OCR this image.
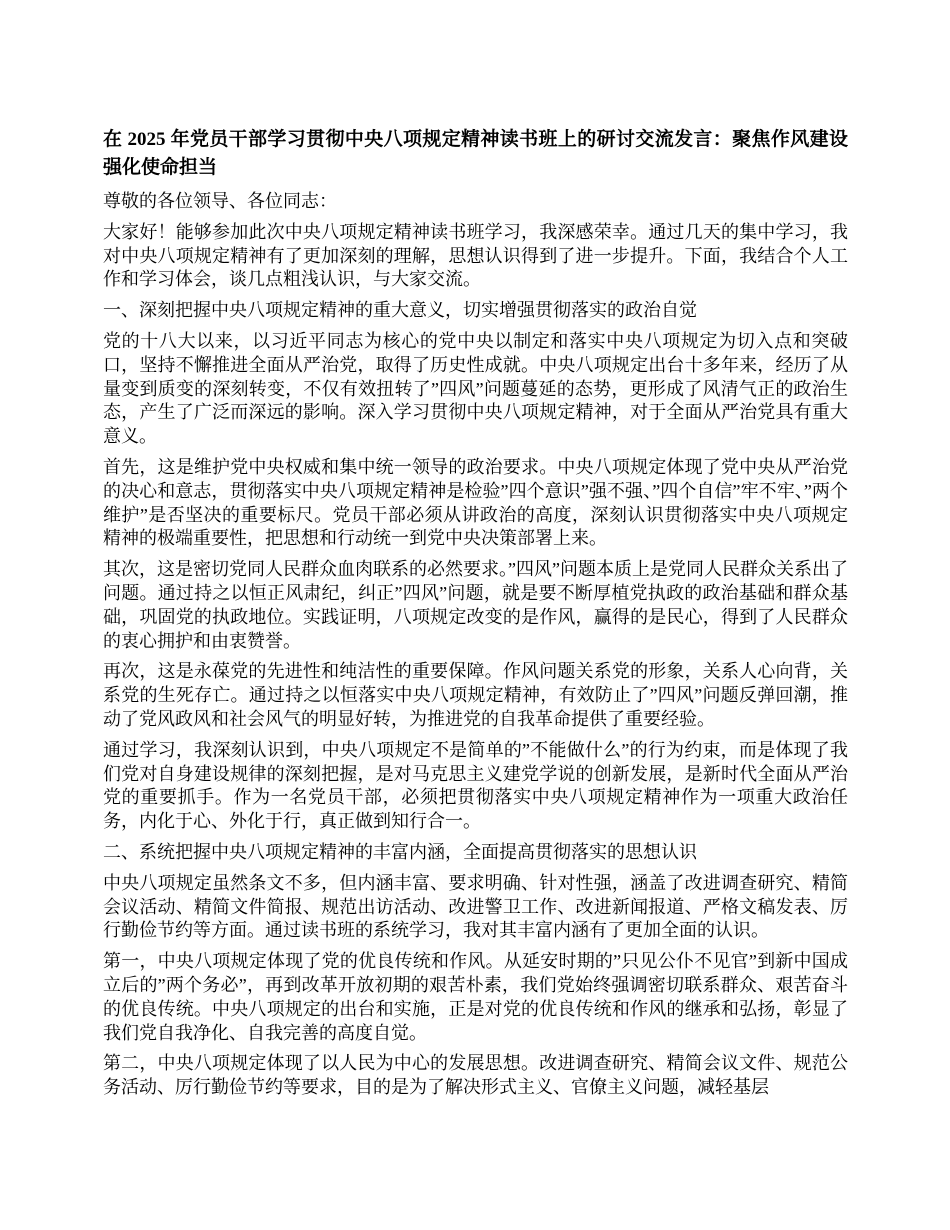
在 2025 年党员干部学习贯彻中央八项规定精神读书班上的研讨交流发言：聚焦作风建设强化使命担当

尊敬的各位领导、各位同志：

大家好！能够参加此次中央八项规定精神读书班学习，我深感荣幸。通过几天的集中学习，我对中央八项规定精神有了更加深刻的理解，思想认识得到了进一步提升。下面，我结合个人工作和学习体会，谈几点粗浅认识，与大家交流。

一、深刻把握中央八项规定精神的重大意义，切实增强贯彻落实的政治自觉

党的十八大以来，以习近平同志为核心的党中央以制定和落实中央八项规定为切入点和突破口，坚持不懈推进全面从严治党，取得了历史性成就。中央八项规定出台十多年来，经历了从量变到质变的深刻转变，不仅有效扭转了”四风”问题蔓延的态势，更形成了风清气正的政治生态，产生了广泛而深远的影响。深入学习贯彻中央八项规定精神，对于全面从严治党具有重大意义。

首先，这是维护党中央权威和集中统一领导的政治要求。中央八项规定体现了党中央从严治党的决心和意志，贯彻落实中央八项规定精神是检验”四个意识”强不强、”四个自信”牢不牢、”两个维护”是否坚决的重要标尺。党员干部必须从讲政治的高度，深刻认识贯彻落实中央八项规定精神的极端重要性，把思想和行动统一到党中央决策部署上来。

其次，这是密切党同人民群众血肉联系的必然要求。”四风”问题本质上是党同人民群众关系出了问题。通过持之以恒正风肃纪，纠正”四风”问题，就是要不断厚植党执政的政治基础和群众基础，巩固党的执政地位。实践证明，八项规定改变的是作风，赢得的是民心，得到了人民群众的衷心拥护和由衷赞誉。

再次，这是永葆党的先进性和纯洁性的重要保障。作风问题关系党的形象，关系人心向背，关系党的生死存亡。通过持之以恒落实中央八项规定精神，有效防止了”四风”问题反弹回潮，推动了党风政风和社会风气的明显好转，为推进党的自我革命提供了重要经验。

通过学习，我深刻认识到，中央八项规定不是简单的”不能做什么”的行为约束，而是体现了我们党对自身建设规律的深刻把握，是对马克思主义建党学说的创新发展，是新时代全面从严治党的重要抓手。作为一名党员干部，必须把贯彻落实中央八项规定精神作为一项重大政治任务，内化于心、外化于行，真正做到知行合一。

二、系统把握中央八项规定精神的丰富内涵，全面提高贯彻落实的思想认识

中央八项规定虽然条文不多，但内涵丰富、要求明确、针对性强，涵盖了改进调查研究、精简会议活动、精简文件简报、规范出访活动、改进警卫工作、改进新闻报道、严格文稿发表、厉行勤俭节约等方面。通过读书班的系统学习，我对其丰富内涵有了更加全面的认识。

第一，中央八项规定体现了党的优良传统和作风。从延安时期的”只见公仆不见官”到新中国成立后的”两个务必”，再到改革开放初期的艰苦朴素，我们党始终强调密切联系群众、艰苦奋斗的优良传统。中央八项规定的出台和实施，正是对党的优良传统和作风的继承和弘扬，彰显了我们党自我净化、自我完善的高度自觉。

第二，中央八项规定体现了以人民为中心的发展思想。改进调查研究、精简会议文件、规范公务活动、厉行勤俭节约等要求，目的是为了解决形式主义、官僚主义问题，减轻基层
